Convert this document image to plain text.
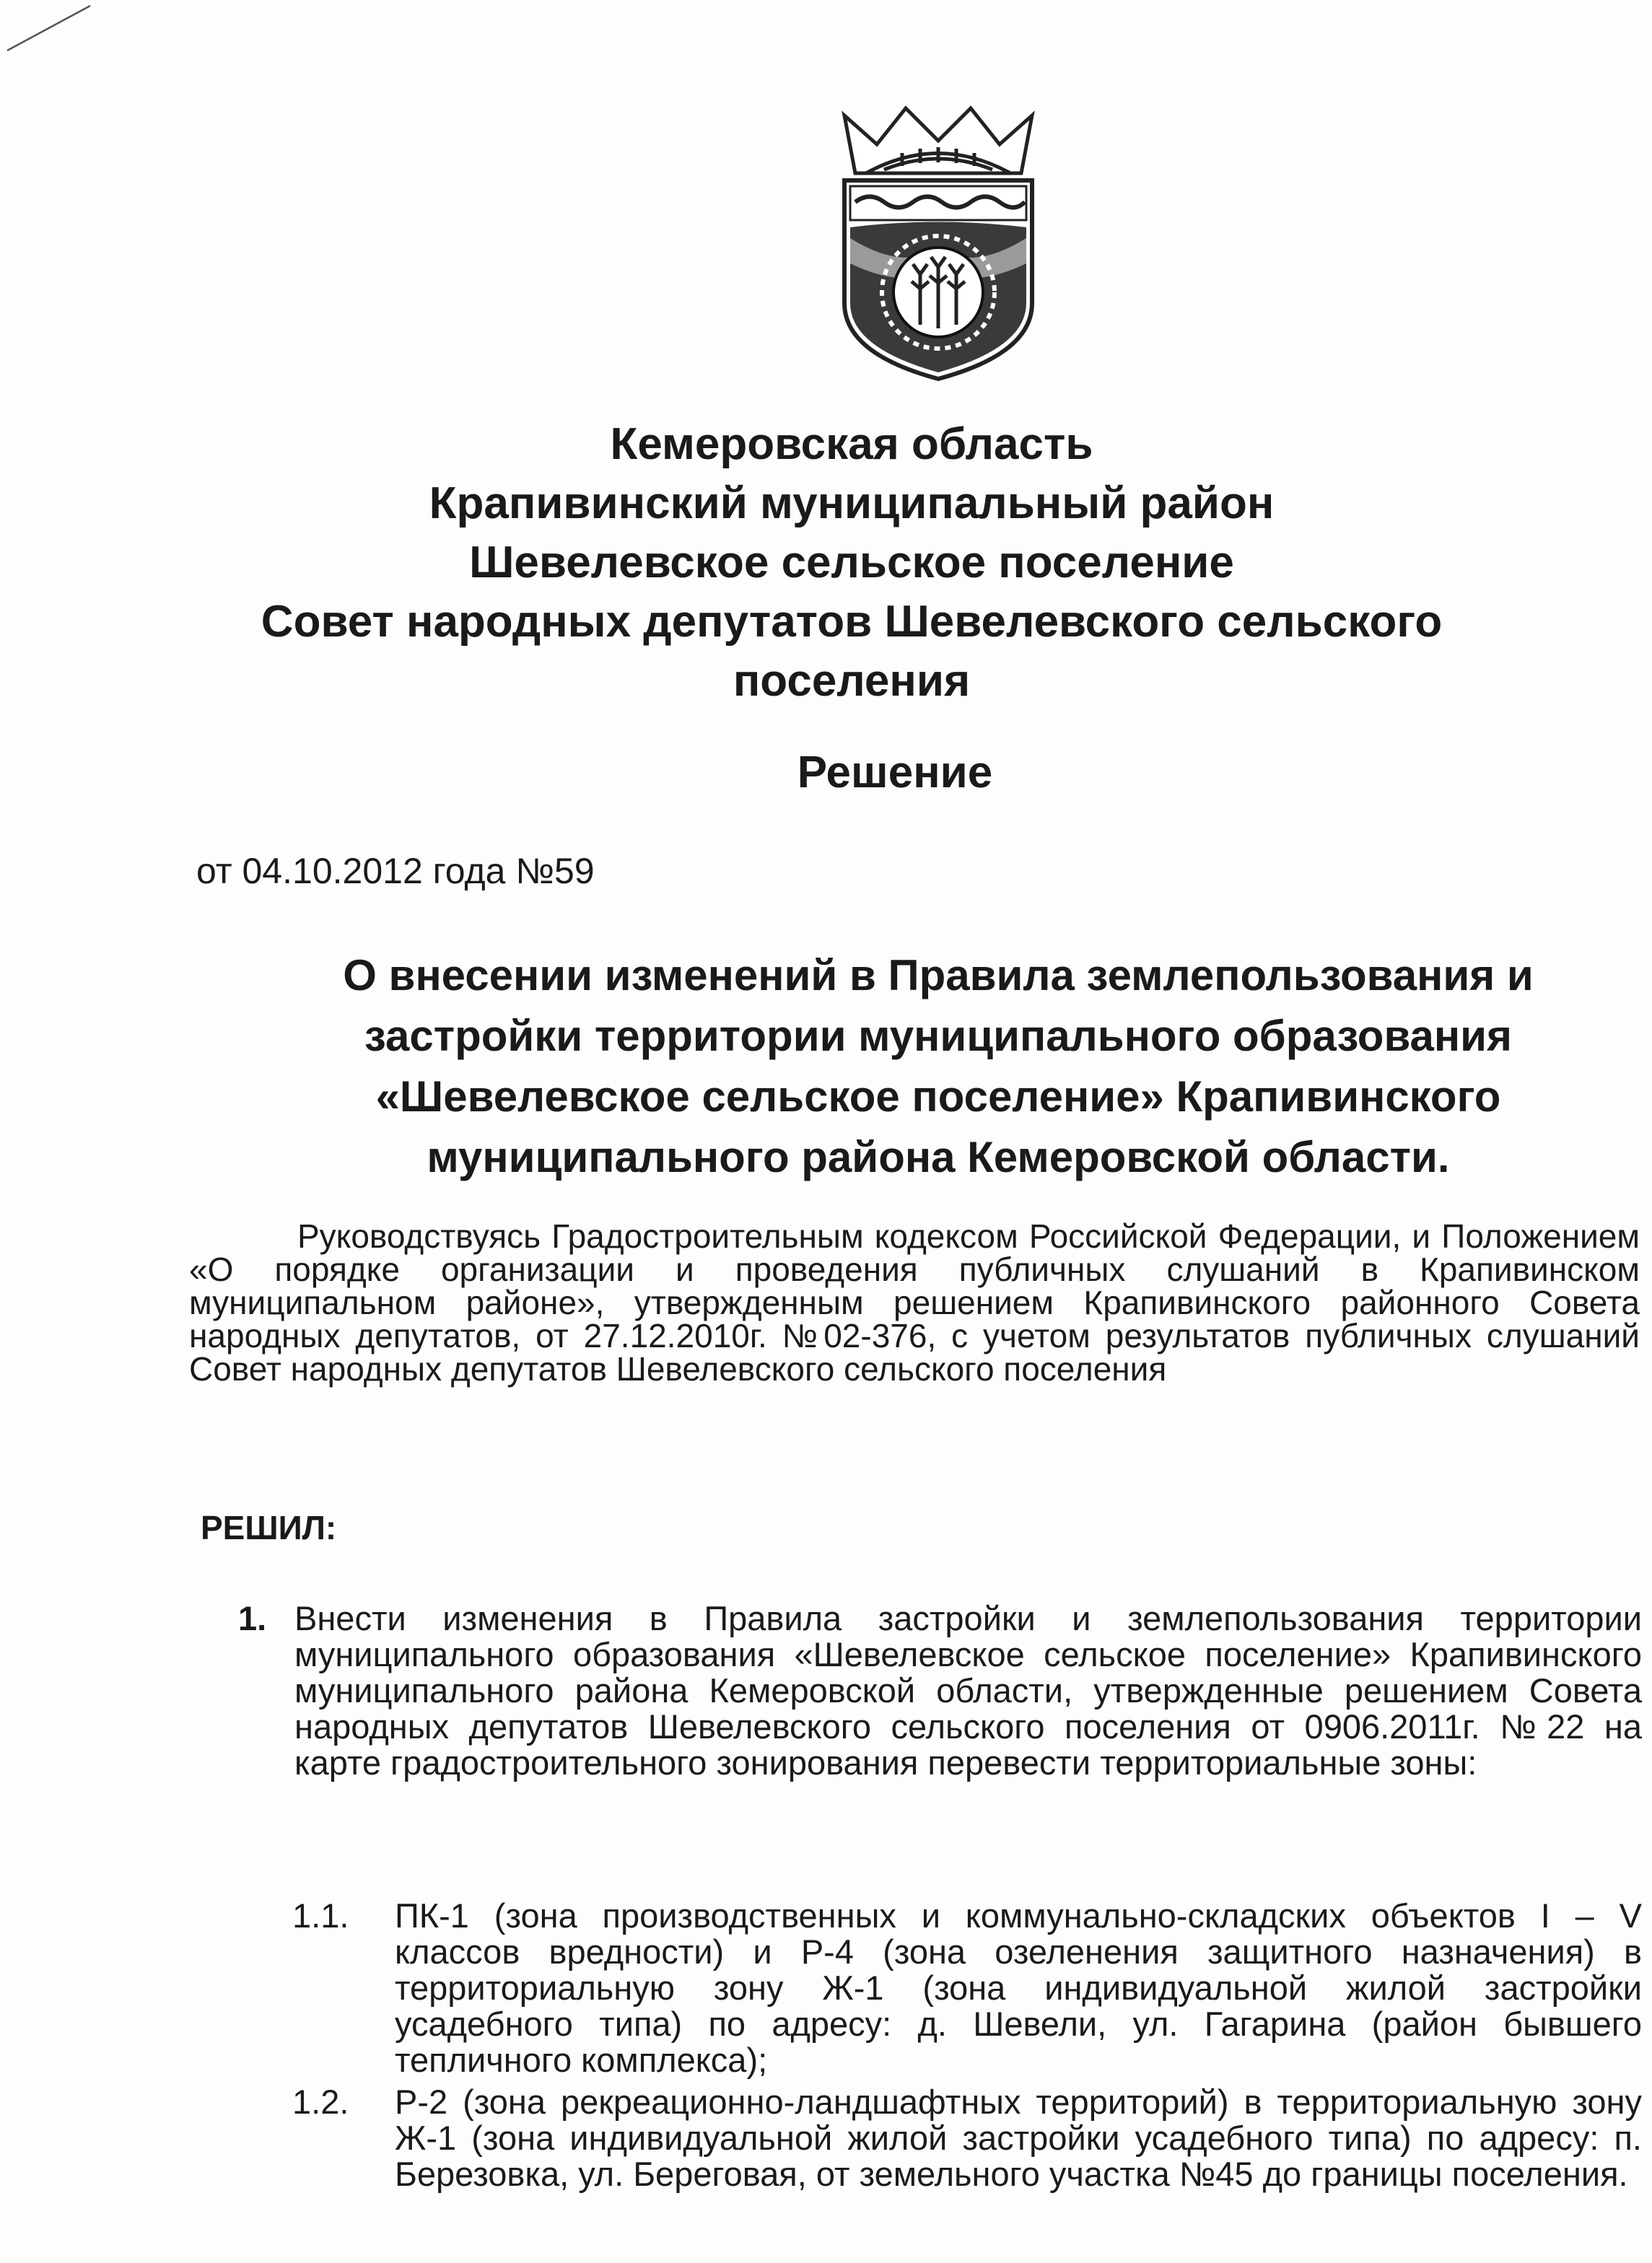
Кемеровская область
Крапивинский муниципальный район
Шевелевское сельское поселение
Совет народных депутатов Шевелевского сельского
поселения
Решение
от 04.10.2012 года №59
О внесении изменений в Правила землепользования и
застройки территории муниципального образования
«Шевелевское сельское поселение» Крапивинского
муниципального района Кемеровской области.

Руководствуясь Градостроительным кодексом Российской Федерации, и Положением «О порядке организации и проведения публичных слушаний в Крапивинском муниципальном районе», утвержденным решением Крапивинского районного Совета народных депутатов, от 27.12.2010г. №02-376, с учетом результатов публичных слушаний Совет народных депутатов Шевелевского сельского поселения

РЕШИЛ:
1. Внести изменения в Правила застройки и землепользования территории муниципального образования «Шевелевское сельское поселение» Крапивинского муниципального района Кемеровской области, утвержденные решением Совета народных депутатов Шевелевского сельского поселения от 0906.2011г. №22 на карте градостроительного зонирования перевести территориальные зоны:
1.1. ПК-1 (зона производственных и коммунально-складских объектов I – V классов вредности) и Р-4 (зона озеленения защитного назначения) в территориальную зону Ж-1 (зона индивидуальной жилой застройки усадебного типа) по адресу: д. Шевели, ул. Гагарина (район бывшего тепличного комплекса);
1.2. Р-2 (зона рекреационно-ландшафтных территорий) в территориальную зону Ж-1 (зона индивидуальной жилой застройки усадебного типа) по адресу: п. Березовка, ул. Береговая, от земельного участка №45 до границы поселения.
